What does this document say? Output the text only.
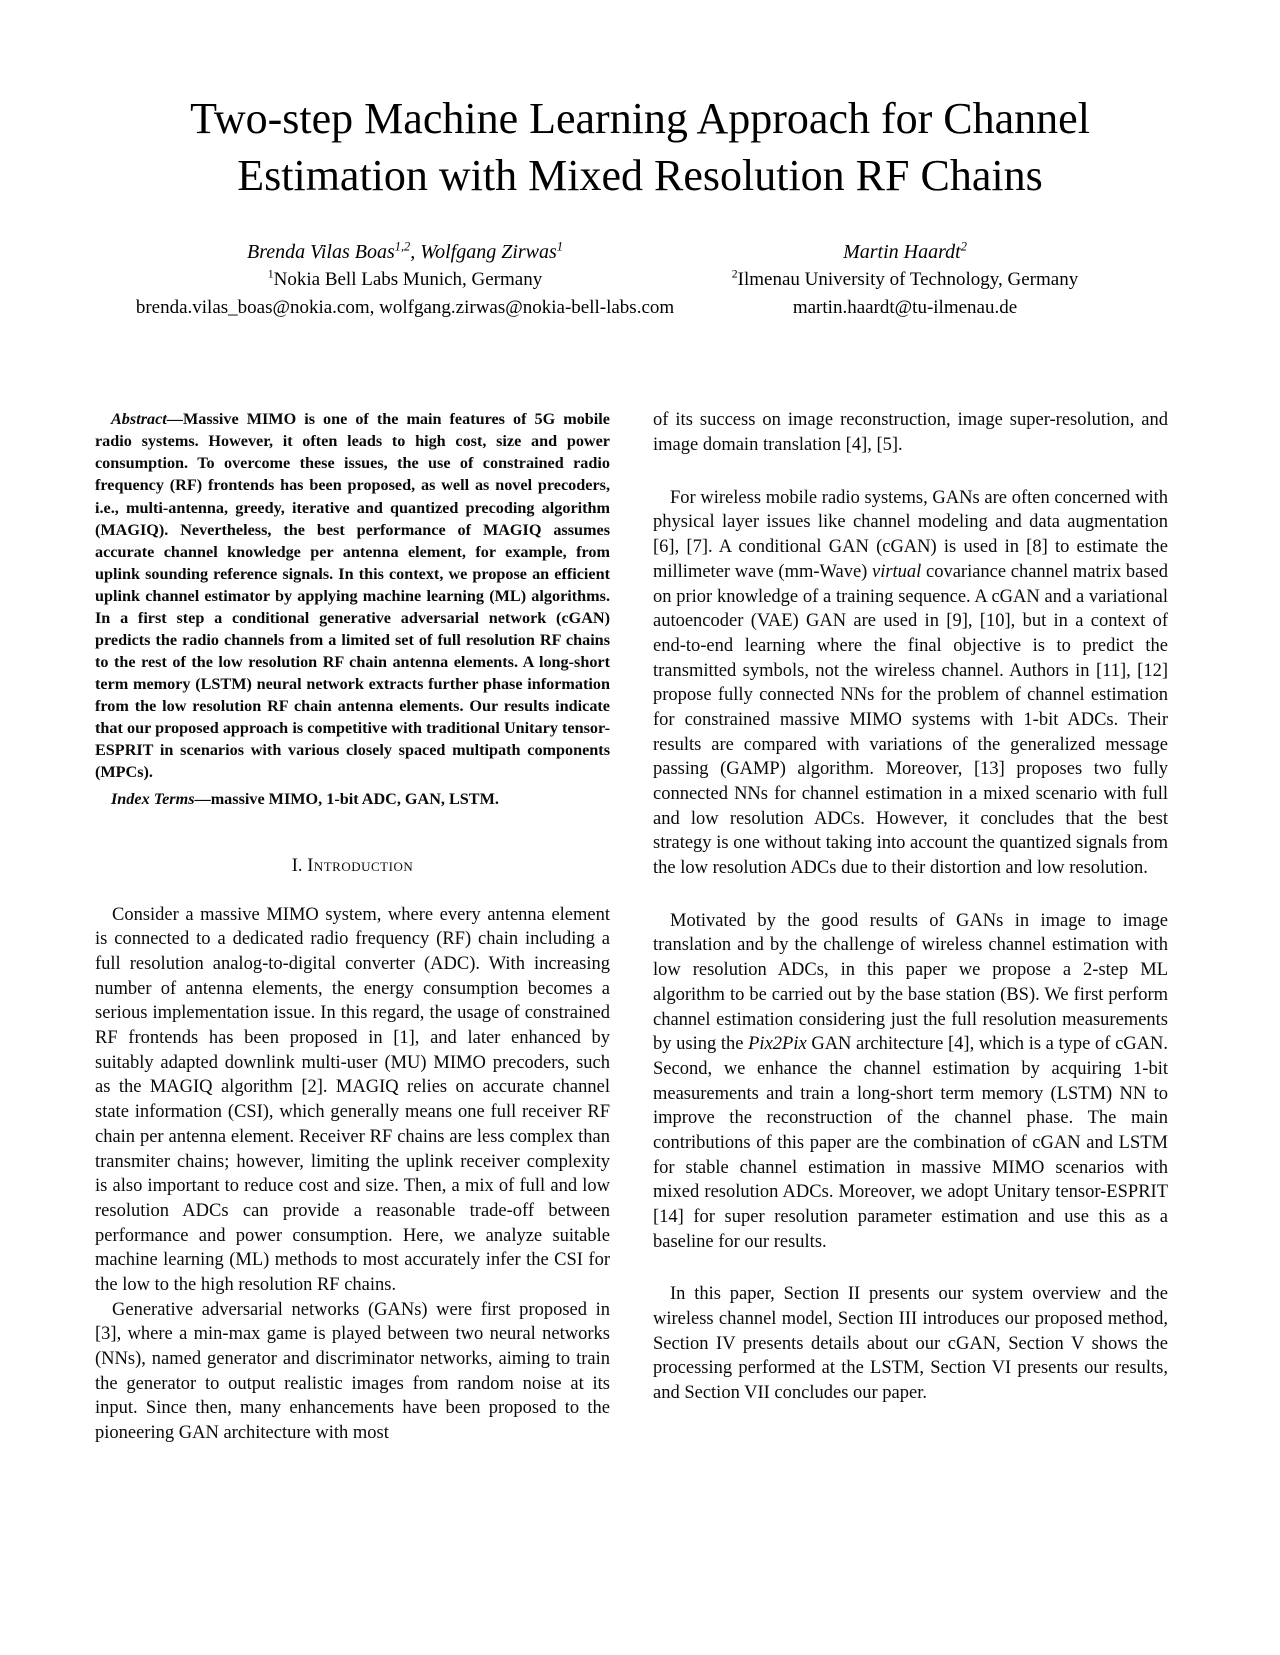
Two-step Machine Learning Approach for Channel Estimation with Mixed Resolution RF Chains
Brenda Vilas Boas$^{1,2}$, Wolfgang Zirwas$^1$
$^1$Nokia Bell Labs Munich, Germany
brenda.vilas_boas@nokia.com, wolfgang.zirwas@nokia-bell-labs.com
Martin Haardt$^2$
$^2$Ilmenau University of Technology, Germany
martin.haardt@tu-ilmenau.de
Abstract—Massive MIMO is one of the main features of 5G mobile radio systems. However, it often leads to high cost, size and power consumption. To overcome these issues, the use of constrained radio frequency (RF) frontends has been proposed, as well as novel precoders, i.e., multi-antenna, greedy, iterative and quantized precoding algorithm (MAGIQ). Nevertheless, the best performance of MAGIQ assumes accurate channel knowledge per antenna element, for example, from uplink sounding reference signals. In this context, we propose an efficient uplink channel estimator by applying machine learning (ML) algorithms. In a first step a conditional generative adversarial network (cGAN) predicts the radio channels from a limited set of full resolution RF chains to the rest of the low resolution RF chain antenna elements. A long-short term memory (LSTM) neural network extracts further phase information from the low resolution RF chain antenna elements. Our results indicate that our proposed approach is competitive with traditional Unitary tensor-ESPRIT in scenarios with various closely spaced multipath components (MPCs).
Index Terms—massive MIMO, 1-bit ADC, GAN, LSTM.
I. Introduction

Consider a massive MIMO system, where every antenna element is connected to a dedicated radio frequency (RF) chain including a full resolution analog-to-digital converter (ADC). With increasing number of antenna elements, the energy consumption becomes a serious implementation issue. In this regard, the usage of constrained RF frontends has been proposed in [1], and later enhanced by suitably adapted downlink multi-user (MU) MIMO precoders, such as the MAGIQ algorithm [2]. MAGIQ relies on accurate channel state information (CSI), which generally means one full receiver RF chain per antenna element. Receiver RF chains are less complex than transmiter chains; however, limiting the uplink receiver complexity is also important to reduce cost and size. Then, a mix of full and low resolution ADCs can provide a reasonable trade-off between performance and power consumption. Here, we analyze suitable machine learning (ML) methods to most accurately infer the CSI for the low to the high resolution RF chains.

Generative adversarial networks (GANs) were first proposed in [3], where a min-max game is played between two neural networks (NNs), named generator and discriminator networks, aiming to train the generator to output realistic images from random noise at its input. Since then, many enhancements have been proposed to the pioneering GAN architecture with most

of its success on image reconstruction, image super-resolution, and image domain translation [4], [5].

For wireless mobile radio systems, GANs are often concerned with physical layer issues like channel modeling and data augmentation [6], [7]. A conditional GAN (cGAN) is used in [8] to estimate the millimeter wave (mm-Wave) virtual covariance channel matrix based on prior knowledge of a training sequence. A cGAN and a variational autoencoder (VAE) GAN are used in [9], [10], but in a context of end-to-end learning where the final objective is to predict the transmitted symbols, not the wireless channel. Authors in [11], [12] propose fully connected NNs for the problem of channel estimation for constrained massive MIMO systems with 1-bit ADCs. Their results are compared with variations of the generalized message passing (GAMP) algorithm. Moreover, [13] proposes two fully connected NNs for channel estimation in a mixed scenario with full and low resolution ADCs. However, it concludes that the best strategy is one without taking into account the quantized signals from the low resolution ADCs due to their distortion and low resolution.

Motivated by the good results of GANs in image to image translation and by the challenge of wireless channel estimation with low resolution ADCs, in this paper we propose a 2-step ML algorithm to be carried out by the base station (BS). We first perform channel estimation considering just the full resolution measurements by using the Pix2Pix GAN architecture [4], which is a type of cGAN. Second, we enhance the channel estimation by acquiring 1-bit measurements and train a long-short term memory (LSTM) NN to improve the reconstruction of the channel phase. The main contributions of this paper are the combination of cGAN and LSTM for stable channel estimation in massive MIMO scenarios with mixed resolution ADCs. Moreover, we adopt Unitary tensor-ESPRIT [14] for super resolution parameter estimation and use this as a baseline for our results.

In this paper, Section II presents our system overview and the wireless channel model, Section III introduces our proposed method, Section IV presents details about our cGAN, Section V shows the processing performed at the LSTM, Section VI presents our results, and Section VII concludes our paper.
